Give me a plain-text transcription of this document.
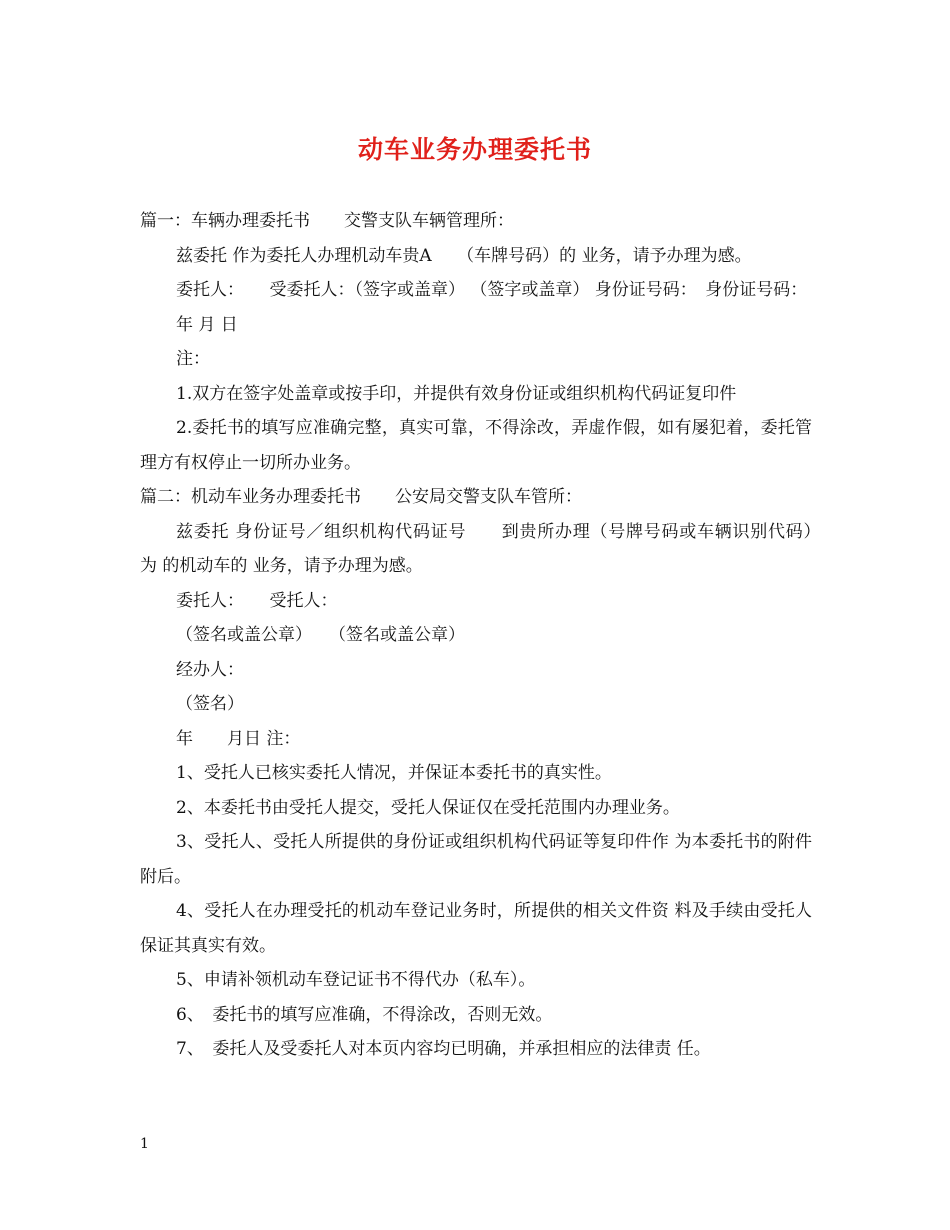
动车业务办理委托书

篇一：车辆办理委托书　　交警支队车辆管理所：

兹委托 作为委托人办理机动车贵A　　（车牌号码）的 业务，请予办理为感。

委托人：　　受委托人：（签字或盖章） （签字或盖章） 身份证号码：　身份证号码：

年 月 日

注：

1.双方在签字处盖章或按手印，并提供有效身份证或组织机构代码证复印件

2.委托书的填写应准确完整，真实可靠，不得涂改，弄虚作假，如有屡犯着，委托管理方有权停止一切所办业务。

篇二：机动车业务办理委托书　　公安局交警支队车管所：

兹委托 身份证号／组织机构代码证号　　到贵所办理（号牌号码或车辆识别代码）　　为 的机动车的 业务，请予办理为感。

委托人：　　受托人：

（签名或盖公章）　　（签名或盖公章）

经办人：

（签名）

年　　月日 注：

1、受托人已核实委托人情况，并保证本委托书的真实性。

2、本委托书由受托人提交，受托人保证仅在受托范围内办理业务。

3、受托人、受托人所提供的身份证或组织机构代码证等复印件作 为本委托书的附件附后。

4、受托人在办理受托的机动车登记业务时，所提供的相关文件资 料及手续由受托人保证其真实有效。

5、申请补领机动车登记证书不得代办（私车）。

6、　委托书的填写应准确，不得涂改，否则无效。

7、　委托人及受委托人对本页内容均已明确，并承担相应的法律责 任。

1
